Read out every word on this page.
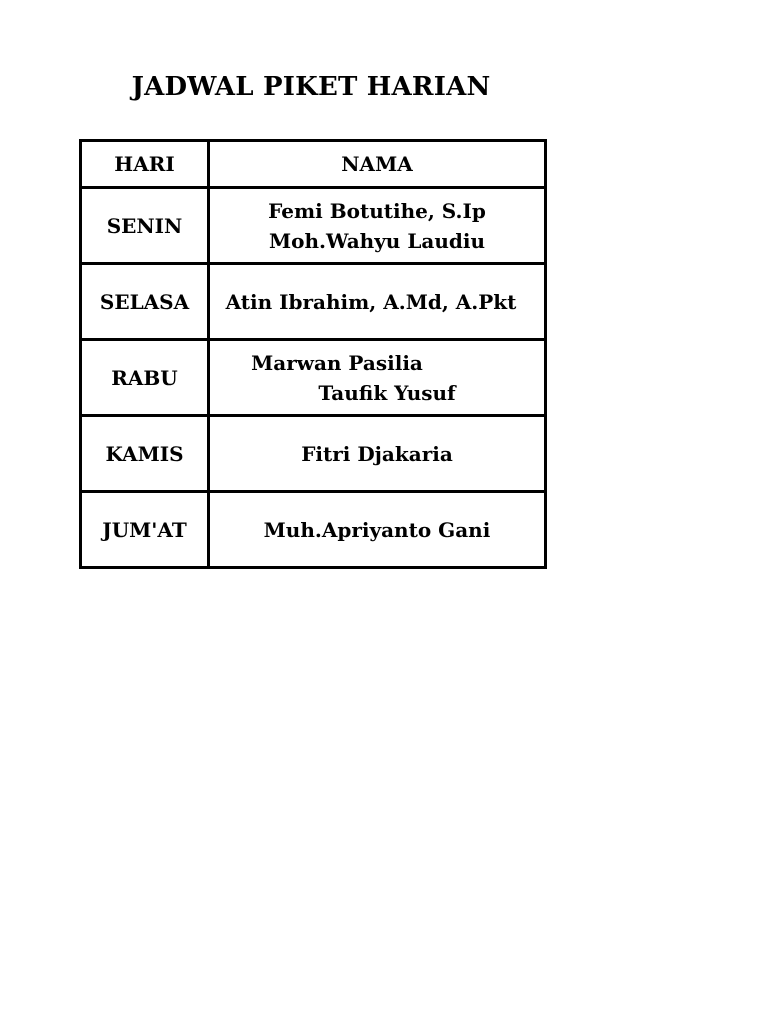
JADWAL PIKET HARIAN
HARI	NAMA
SENIN	Femi Botutihe, S.Ip
Moh.Wahyu Laudiu

SELASA	Atin Ibrahim, A.Md, A.Pkt

RABU	Marwan Pasilia
Taufik Yusuf

KAMIS	Fitri Djakaria

JUM'AT	Muh.Apriyanto Gani
